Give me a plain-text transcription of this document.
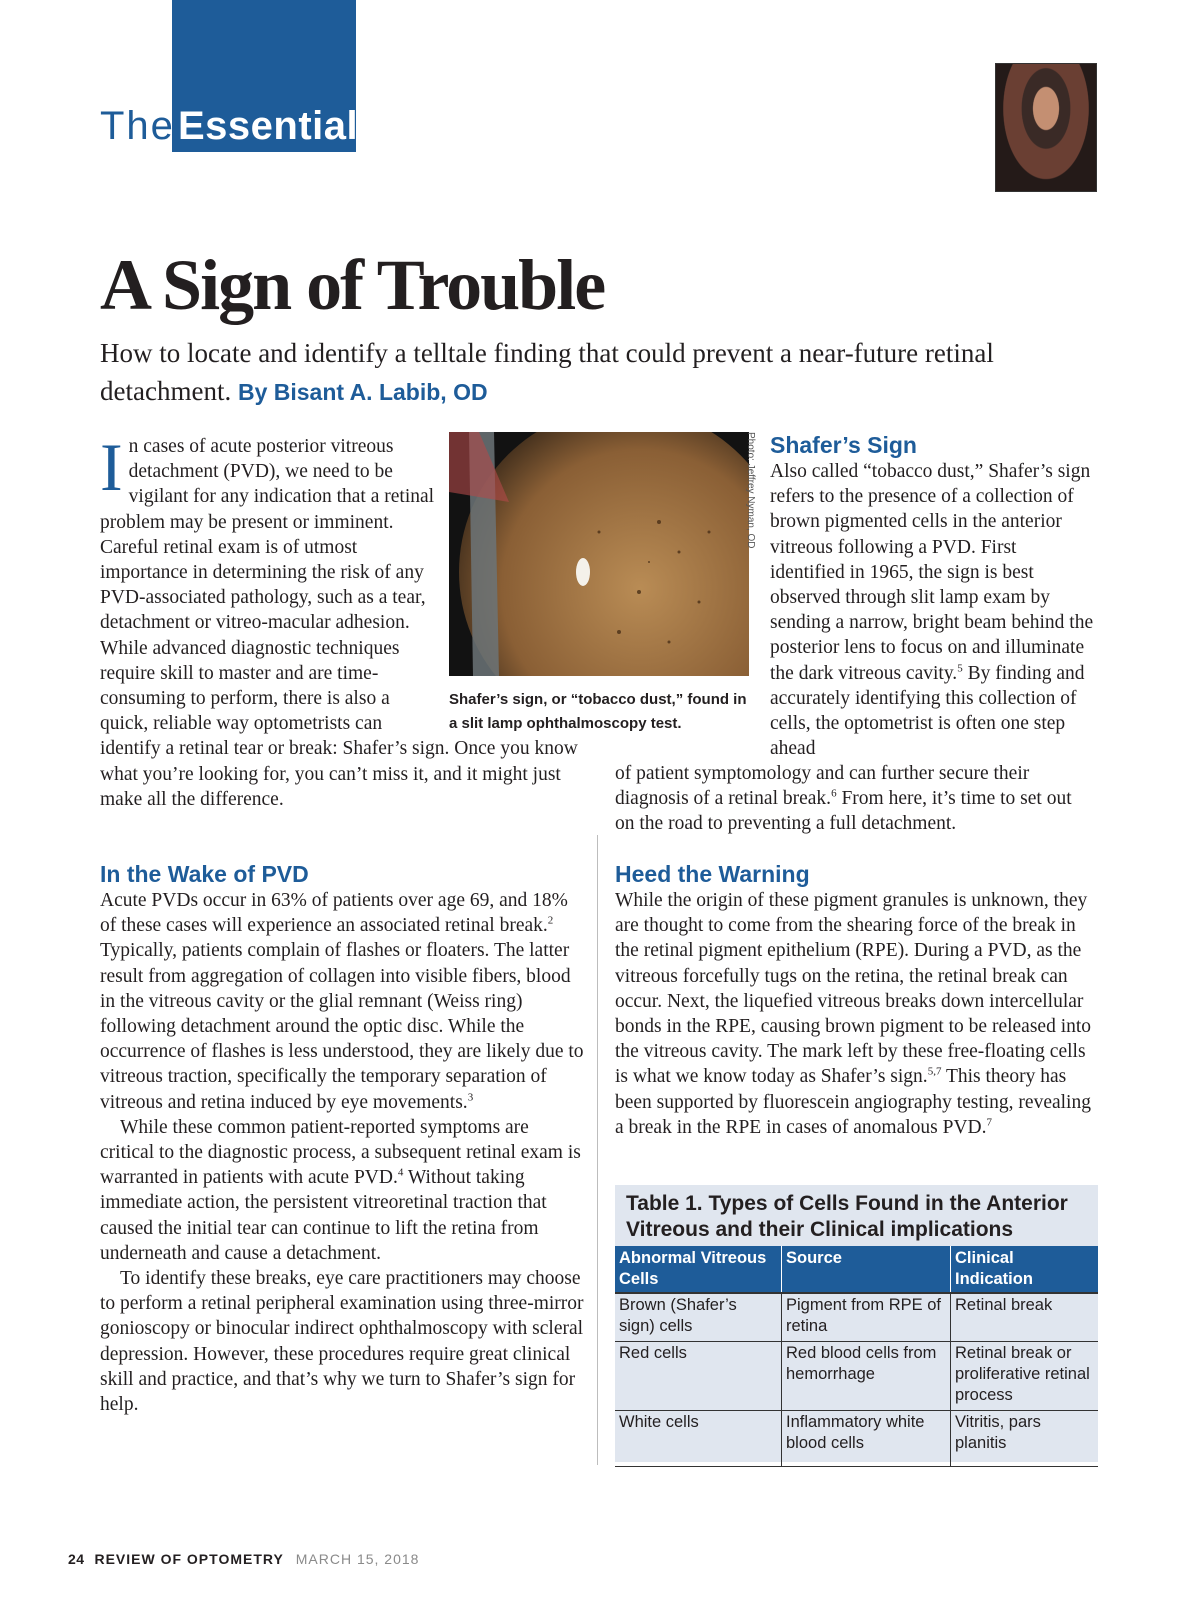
The Essentials
A Sign of Trouble
How to locate and identify a telltale finding that could prevent a near-future retinal detachment. By Bisant A. Labib, OD

In cases of acute posterior vitreous detachment (PVD), we need to be vigilant for any indication that a retinal problem may be present or imminent. Careful retinal exam is of utmost importance in determining the risk of any PVD-associated pathology, such as a tear, detachment or vitreo-macular adhesion. While advanced diagnostic techniques require skill to master and are time-consuming to perform, there is also a quick, reliable way optometrists can identify a retinal tear or break: Shafer’s sign. Once you know what you’re looking for, you can’t miss it, and it might just make all the difference.

Photo: Jeffrey Nyman, OD
Shafer’s sign, or “tobacco dust,” found in a slit lamp ophthalmoscopy test.
Shafer’s Sign

Also called “tobacco dust,” Shafer’s sign refers to the presence of a collection of brown pigmented cells in the anterior vitreous following a PVD. First identified in 1965, the sign is best observed through slit lamp exam by sending a narrow, bright beam behind the posterior lens to focus on and illuminate the dark vitreous cavity.$^5$ By finding and accurately identifying this collection of cells, the optometrist is often one step ahead

of patient symptomology and can further secure their diagnosis of a retinal break.$^6$ From here, it’s time to set out on the road to preventing a full detachment.

In the Wake of PVD

Acute PVDs occur in 63% of patients over age 69, and 18% of these cases will experience an associated retinal break.$^2$ Typically, patients complain of flashes or floaters. The latter result from aggregation of collagen into visible fibers, blood in the vitreous cavity or the glial remnant (Weiss ring) following detachment around the optic disc. While the occurrence of flashes is less understood, they are likely due to vitreous traction, specifically the temporary separation of vitreous and retina induced by eye movements.$^3$

While these common patient-reported symptoms are critical to the diagnostic process, a subsequent retinal exam is warranted in patients with acute PVD.$^4$ Without taking immediate action, the persistent vitreoretinal traction that caused the initial tear can continue to lift the retina from underneath and cause a detachment.

To identify these breaks, eye care practitioners may choose to perform a retinal peripheral examination using three-mirror gonioscopy or binocular indirect ophthalmoscopy with scleral depression. However, these procedures require great clinical skill and practice, and that’s why we turn to Shafer’s sign for help.

Heed the Warning

While the origin of these pigment granules is unknown, they are thought to come from the shearing force of the break in the retinal pigment epithelium (RPE). During a PVD, as the vitreous forcefully tugs on the retina, the retinal break can occur. Next, the liquefied vitreous breaks down intercellular bonds in the RPE, causing brown pigment to be released into the vitreous cavity. The mark left by these free-floating cells is what we know today as Shafer’s sign.$^{5,7}$ This theory has been supported by fluorescein angiography testing, revealing a break in the RPE in cases of anomalous PVD.$^7$

Table 1. Types of Cells Found in the Anterior Vitreous and their Clinical implications
Abnormal Vitreous Cells	Source	Clinical Indication
Brown (Shafer’s sign) cells	Pigment from RPE of retina	Retinal break
Red cells	Red blood cells from hemorrhage	Retinal break or proliferative retinal process
White cells	Inflammatory white blood cells	Vitritis, pars planitis
24 REVIEW OF OPTOMETRY MARCH 15, 2018
